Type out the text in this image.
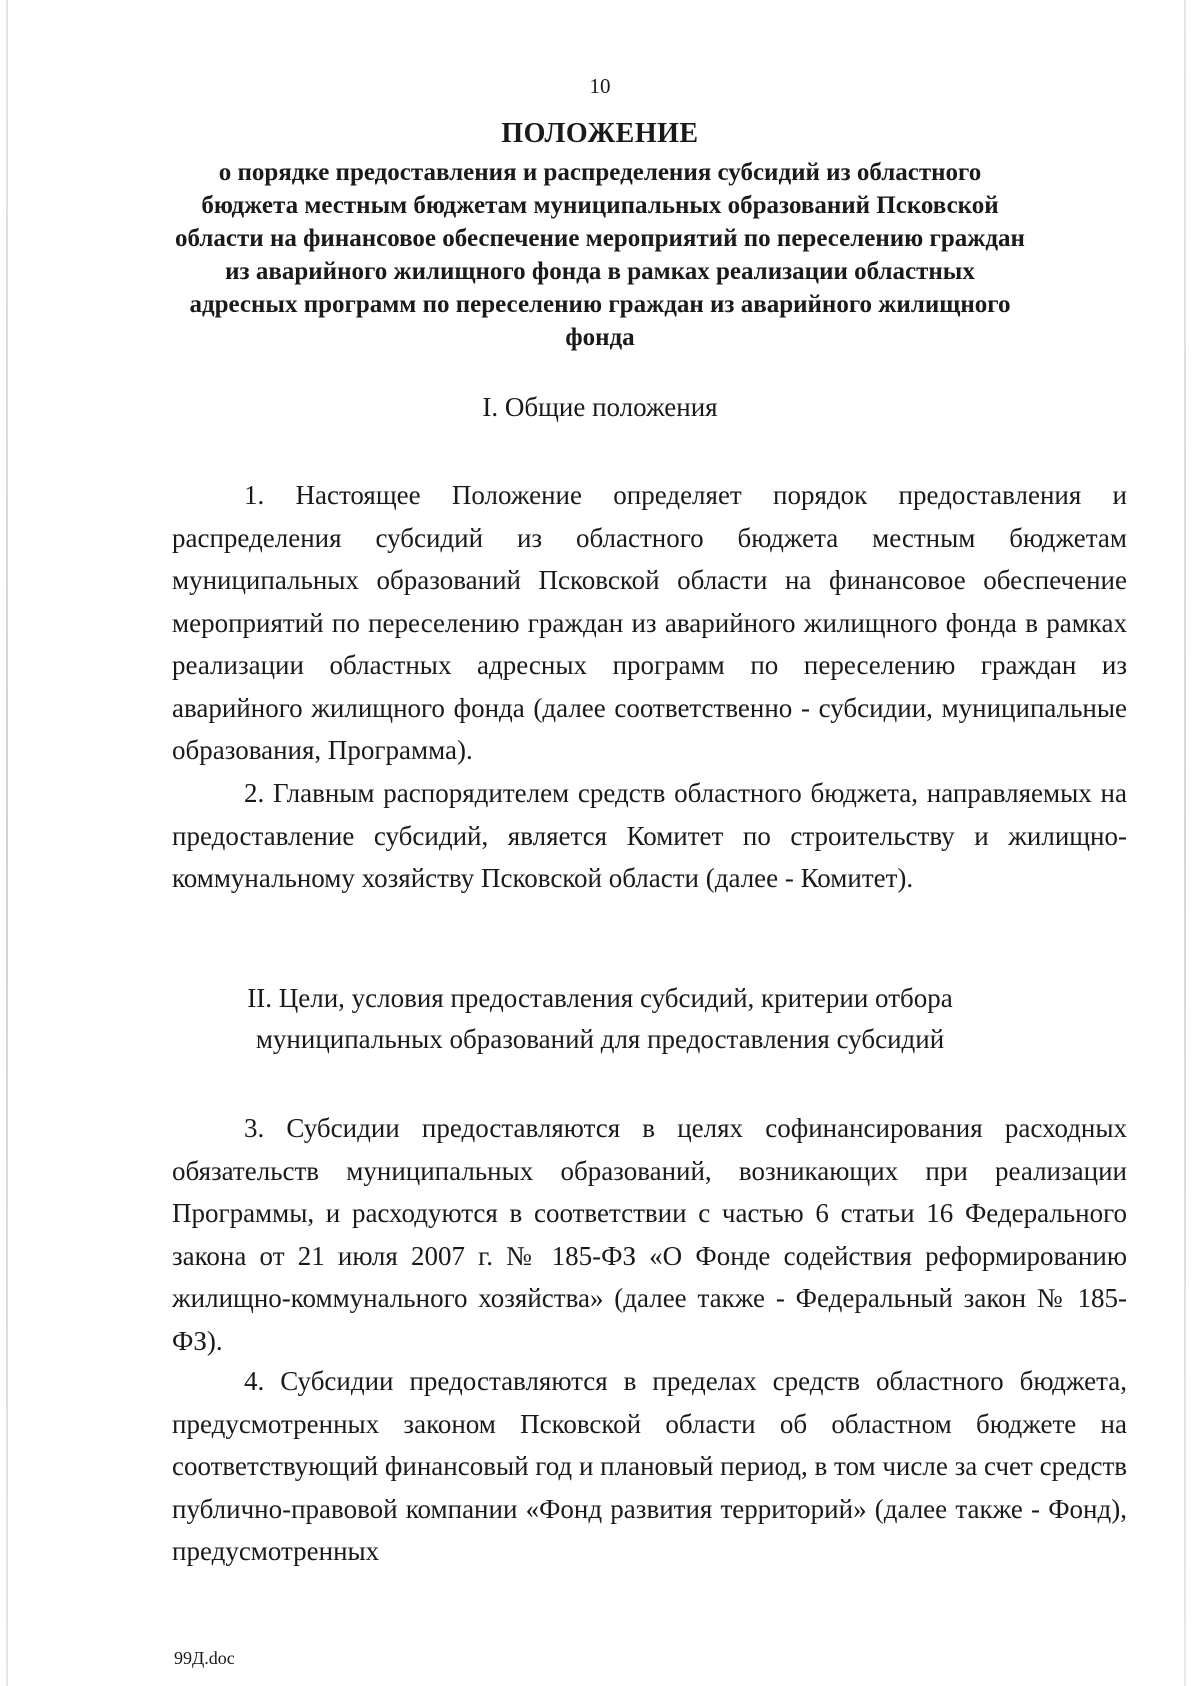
10
ПОЛОЖЕНИЕ
о порядке предоставления и распределения субсидий из областного бюджета местным бюджетам муниципальных образований Псковской области на финансовое обеспечение мероприятий по переселению граждан из аварийного жилищного фонда в рамках реализации областных адресных программ по переселению граждан из аварийного жилищного фонда
I. Общие положения

1. Настоящее Положение определяет порядок предоставления и распределения субсидий из областного бюджета местным бюджетам муниципальных образований Псковской области на финансовое обеспечение мероприятий по переселению граждан из аварийного жилищного фонда в рамках реализации областных адресных программ по переселению граждан из аварийного жилищного фонда (далее соответственно - субсидии, муниципальные образования, Программа).

2. Главным распорядителем средств областного бюджета, направляемых на предоставление субсидий, является Комитет по строительству и жилищно-коммунальному хозяйству Псковской области (далее - Комитет).

II. Цели, условия предоставления субсидий, критерии отбора муниципальных образований для предоставления субсидий

3. Субсидии предоставляются в целях софинансирования расходных обязательств муниципальных образований, возникающих при реализации Программы, и расходуются в соответствии с частью 6 статьи 16 Федерального закона от 21 июля 2007 г. № 185-ФЗ «О Фонде содействия реформированию жилищно-коммунального хозяйства» (далее также - Федеральный закон № 185-ФЗ).

4. Субсидии предоставляются в пределах средств областного бюджета, предусмотренных законом Псковской области об областном бюджете на соответствующий финансовый год и плановый период, в том числе за счет средств публично-правовой компании «Фонд развития территорий» (далее также - Фонд), предусмотренных

99Д.doc
